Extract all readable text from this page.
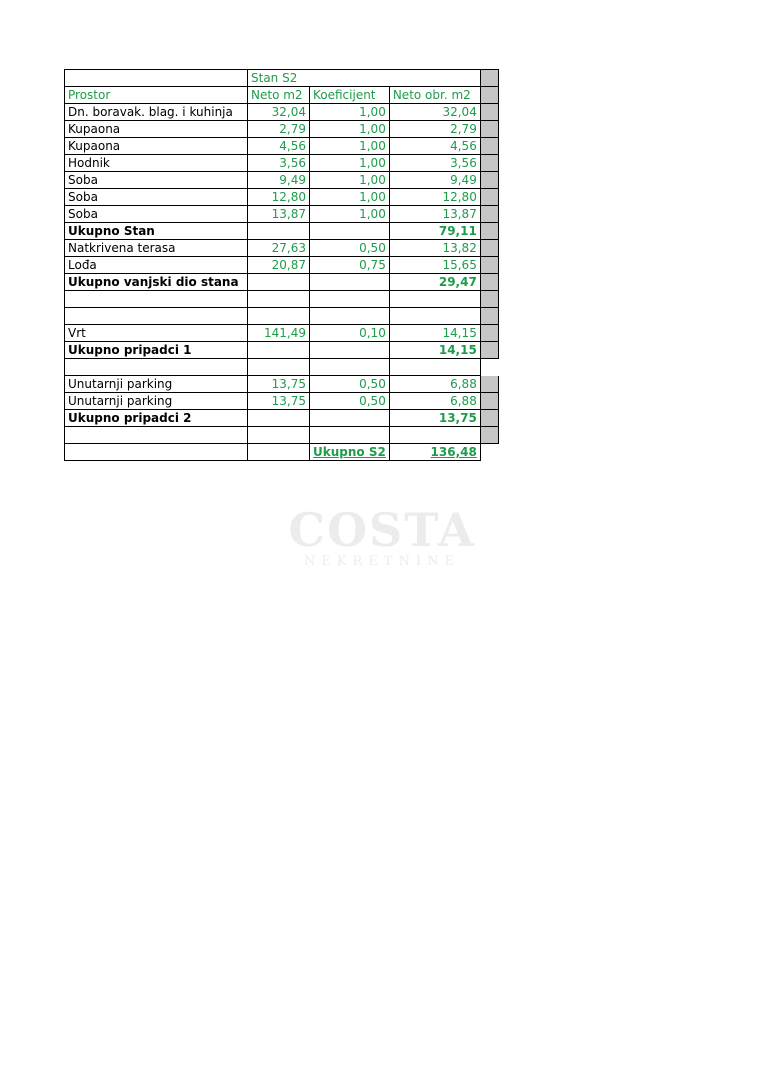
	Stan S2			
Prostor	Neto m2	Koeficijent	Neto obr. m2	
Dn. boravak. blag. i kuhinja	32,04	1,00	32,04	
Kupaona	2,79	1,00	2,79	
Kupaona	4,56	1,00	4,56	
Hodnik	3,56	1,00	3,56	
Soba	9,49	1,00	9,49	
Soba	12,80	1,00	12,80	
Soba	13,87	1,00	13,87	
Ukupno Stan			79,11	
Natkrivena terasa	27,63	0,50	13,82	
Lođa	20,87	0,75	15,65	
Ukupno vanjski dio stana			29,47	

Vrt	141,49	0,10	14,15	
Ukupno pripadci 1			14,15	

Unutarnji parking	13,75	0,50	6,88	
Unutarnji parking	13,75	0,50	6,88	
Ukupno pripadci 2			13,75	

		Ukupno S2	136,48	
COSTA
NEKRETNINE
